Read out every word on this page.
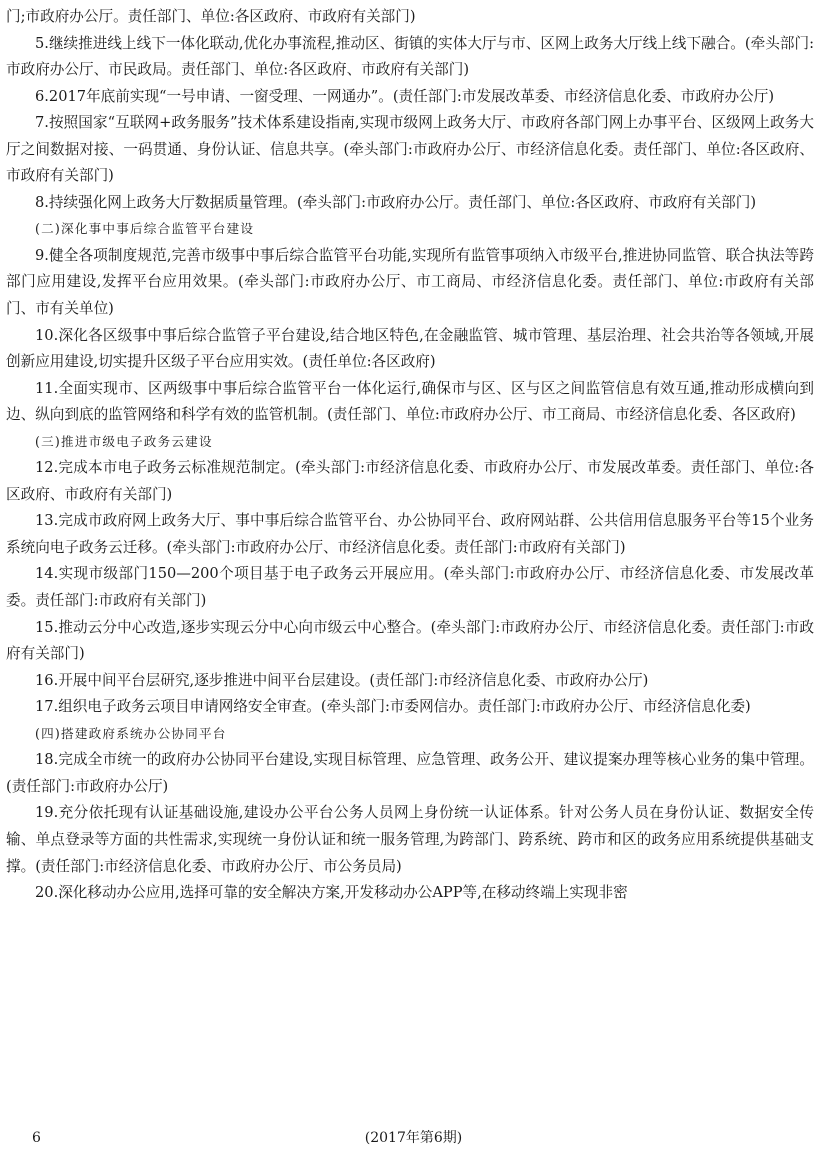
门;市政府办公厅。责任部门、单位:各区政府、市政府有关部门)

5.继续推进线上线下一体化联动,优化办事流程,推动区、街镇的实体大厅与市、区网上政务大厅线上线下融合。(牵头部门:市政府办公厅、市民政局。责任部门、单位:各区政府、市政府有关部门)

6.2017年底前实现“一号申请、一窗受理、一网通办”。(责任部门:市发展改革委、市经济信息化委、市政府办公厅)

7.按照国家“互联网+政务服务”技术体系建设指南,实现市级网上政务大厅、市政府各部门网上办事平台、区级网上政务大厅之间数据对接、一码贯通、身份认证、信息共享。(牵头部门:市政府办公厅、市经济信息化委。责任部门、单位:各区政府、市政府有关部门)

8.持续强化网上政务大厅数据质量管理。(牵头部门:市政府办公厅。责任部门、单位:各区政府、市政府有关部门)

(二)深化事中事后综合监管平台建设

9.健全各项制度规范,完善市级事中事后综合监管平台功能,实现所有监管事项纳入市级平台,推进协同监管、联合执法等跨部门应用建设,发挥平台应用效果。(牵头部门:市政府办公厅、市工商局、市经济信息化委。责任部门、单位:市政府有关部门、市有关单位)

10.深化各区级事中事后综合监管子平台建设,结合地区特色,在金融监管、城市管理、基层治理、社会共治等各领域,开展创新应用建设,切实提升区级子平台应用实效。(责任单位:各区政府)

11.全面实现市、区两级事中事后综合监管平台一体化运行,确保市与区、区与区之间监管信息有效互通,推动形成横向到边、纵向到底的监管网络和科学有效的监管机制。(责任部门、单位:市政府办公厅、市工商局、市经济信息化委、各区政府)

(三)推进市级电子政务云建设

12.完成本市电子政务云标准规范制定。(牵头部门:市经济信息化委、市政府办公厅、市发展改革委。责任部门、单位:各区政府、市政府有关部门)

13.完成市政府网上政务大厅、事中事后综合监管平台、办公协同平台、政府网站群、公共信用信息服务平台等15个业务系统向电子政务云迁移。(牵头部门:市政府办公厅、市经济信息化委。责任部门:市政府有关部门)

14.实现市级部门150—200个项目基于电子政务云开展应用。(牵头部门:市政府办公厅、市经济信息化委、市发展改革委。责任部门:市政府有关部门)

15.推动云分中心改造,逐步实现云分中心向市级云中心整合。(牵头部门:市政府办公厅、市经济信息化委。责任部门:市政府有关部门)

16.开展中间平台层研究,逐步推进中间平台层建设。(责任部门:市经济信息化委、市政府办公厅)

17.组织电子政务云项目申请网络安全审查。(牵头部门:市委网信办。责任部门:市政府办公厅、市经济信息化委)

(四)搭建政府系统办公协同平台

18.完成全市统一的政府办公协同平台建设,实现目标管理、应急管理、政务公开、建议提案办理等核心业务的集中管理。(责任部门:市政府办公厅)

19.充分依托现有认证基础设施,建设办公平台公务人员网上身份统一认证体系。针对公务人员在身份认证、数据安全传输、单点登录等方面的共性需求,实现统一身份认证和统一服务管理,为跨部门、跨系统、跨市和区的政务应用系统提供基础支撑。(责任部门:市经济信息化委、市政府办公厅、市公务员局)

20.深化移动办公应用,选择可靠的安全解决方案,开发移动办公APP等,在移动终端上实现非密

6	(2017年第6期)
